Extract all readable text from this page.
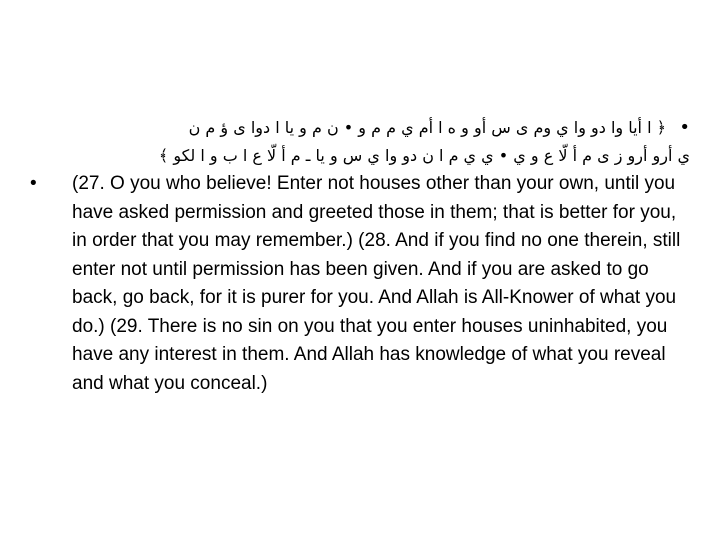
•
﴿ ا أيا وا دو وا ي وم ى س أو و ه ا أم ي م م و • ن م و يا ا دوا ى ؤ م ن
ي أرو أرو ز ى م أ لّا ع و ي • ي ي م ا ن دو وا ي س و يا ـ م أ لّا ع ا ب و ا لكو ﴾
• (27. O you who believe! Enter not houses other than your own, until you have asked permission and greeted those in them; that is better for you, in order that you may remember.) (28. And if you find no one therein, still enter not until permission has been given. And if you are asked to go back, go back, for it is purer for you. And Allah is All-Knower of what you do.) (29. There is no sin on you that you enter houses uninhabited, you have any interest in them. And Allah has knowledge of what you reveal and what you conceal.)
